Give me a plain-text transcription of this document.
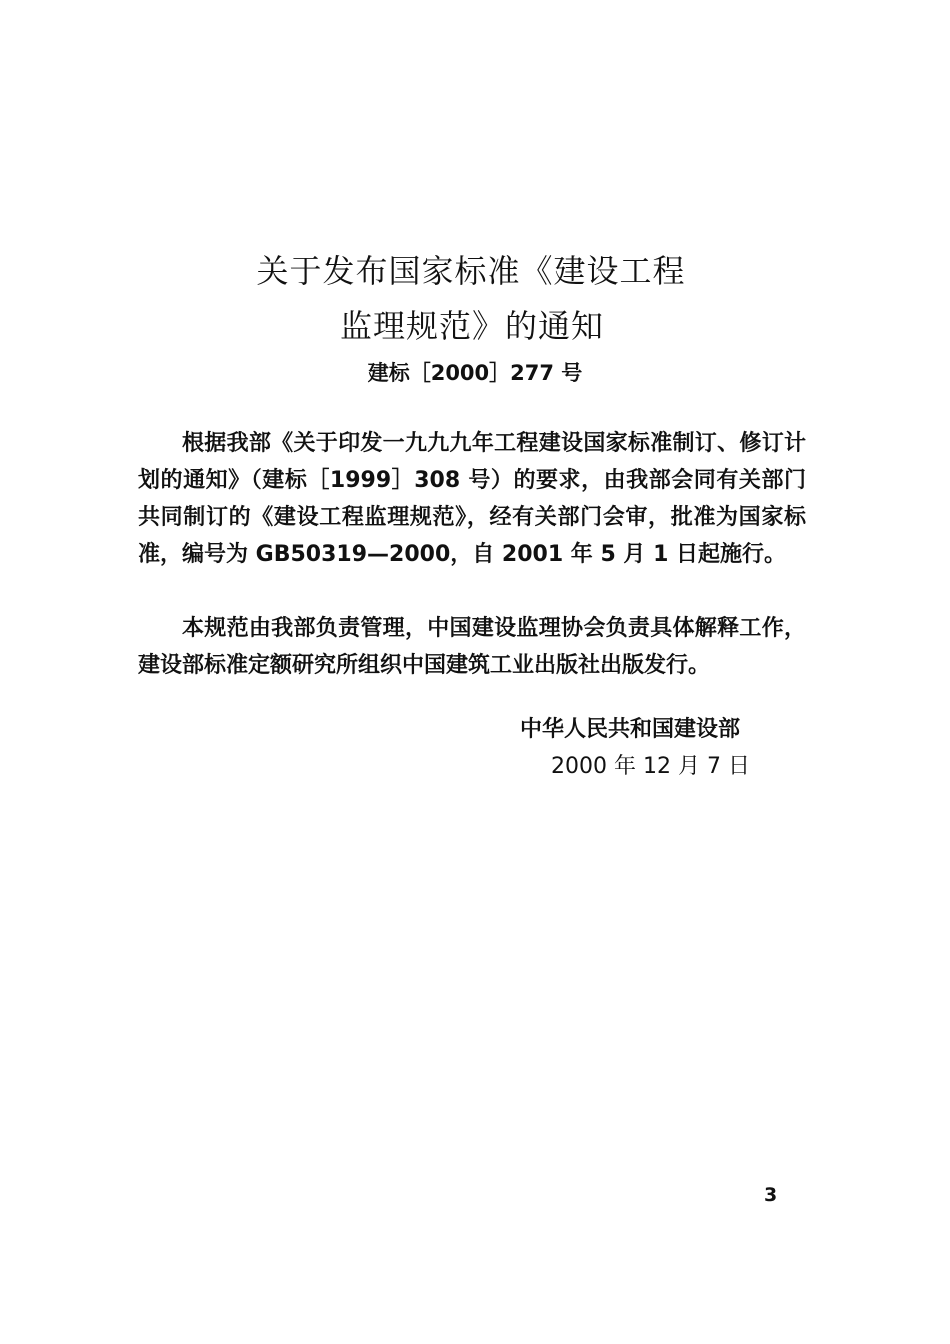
关于发布国家标准《建设工程
监理规范》的通知
建标［2000］277 号

根据我部《关于印发一九九九年工程建设国家标准制订、修订计划的通知》（建标［1999］308 号）的要求，由我部会同有关部门共同制订的《建设工程监理规范》，经有关部门会审，批准为国家标准，编号为 GB50319—2000，自 2001 年 5 月 1 日起施行。

本规范由我部负责管理，中国建设监理协会负责具体解释工作，建设部标准定额研究所组织中国建筑工业出版社出版发行。

中华人民共和国建设部
2000 年 12 月 7 日
3
